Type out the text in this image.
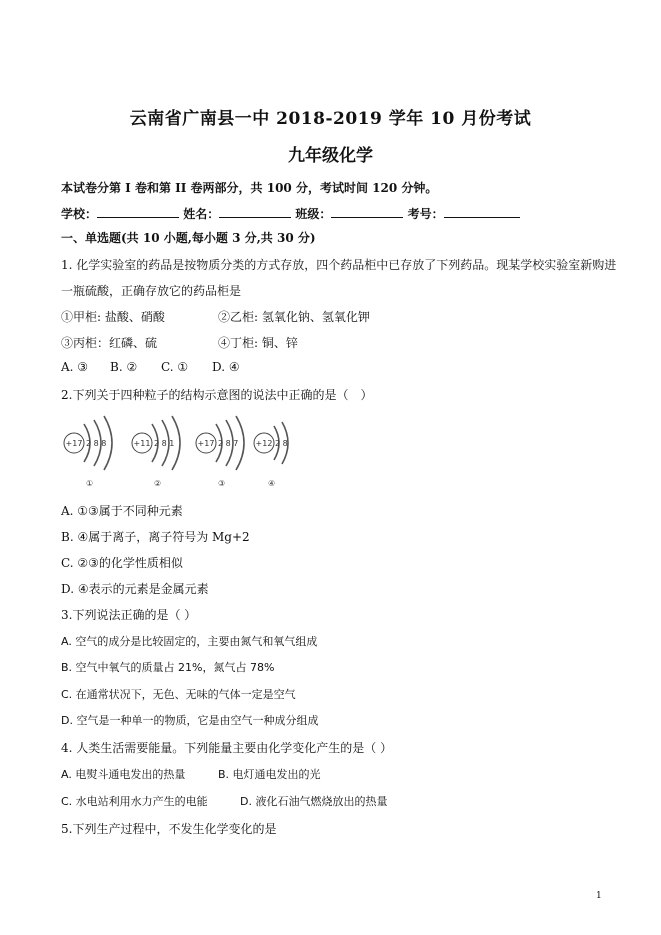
云南省广南县一中 2018-2019 学年 10 月份考试
九年级化学
本试卷分第 I 卷和第 II 卷两部分，共 100 分，考试时间 120 分钟。
学校：	姓名：	班级：	考号：
一、单选题(共 10 小题,每小题 3 分,共 30 分)
1. 化学实验室的药品是按物质分类的方式存放，四个药品柜中已存放了下列药品。现某学校实验室新购进
一瓶硫酸，正确存放它的药品柜是
①甲柜: 盐酸、硝酸	②乙柜: 氢氧化钠、氢氧化钾
③丙柜：红磷、硫	④丁柜: 铜、锌
A. ③ B. ② C. ① D. ④
2.下列关于四种粒子的结构示意图的说法中正确的是（　）
+17 2 8 8
①
+11 2 8 1
②
+17 2 8 7
③
+12 2 8
④
A. ①③属于不同种元素
B. ④属于离子，离子符号为 Mg+2
C. ②③的化学性质相似
D. ④表示的元素是金属元素
3.下列说法正确的是（ ）
A. 空气的成分是比较固定的，主要由氮气和氧气组成
B. 空气中氧气的质量占 21%，氮气占 78%
C. 在通常状况下，无色、无味的气体一定是空气
D. 空气是一种单一的物质，它是由空气一种成分组成
4. 人类生活需要能量。下列能量主要由化学变化产生的是（ ）
A. 电熨斗通电发出的热量	B. 电灯通电发出的光
C. 水电站利用水力产生的电能	D. 液化石油气燃烧放出的热量
5.下列生产过程中，不发生化学变化的是
1
